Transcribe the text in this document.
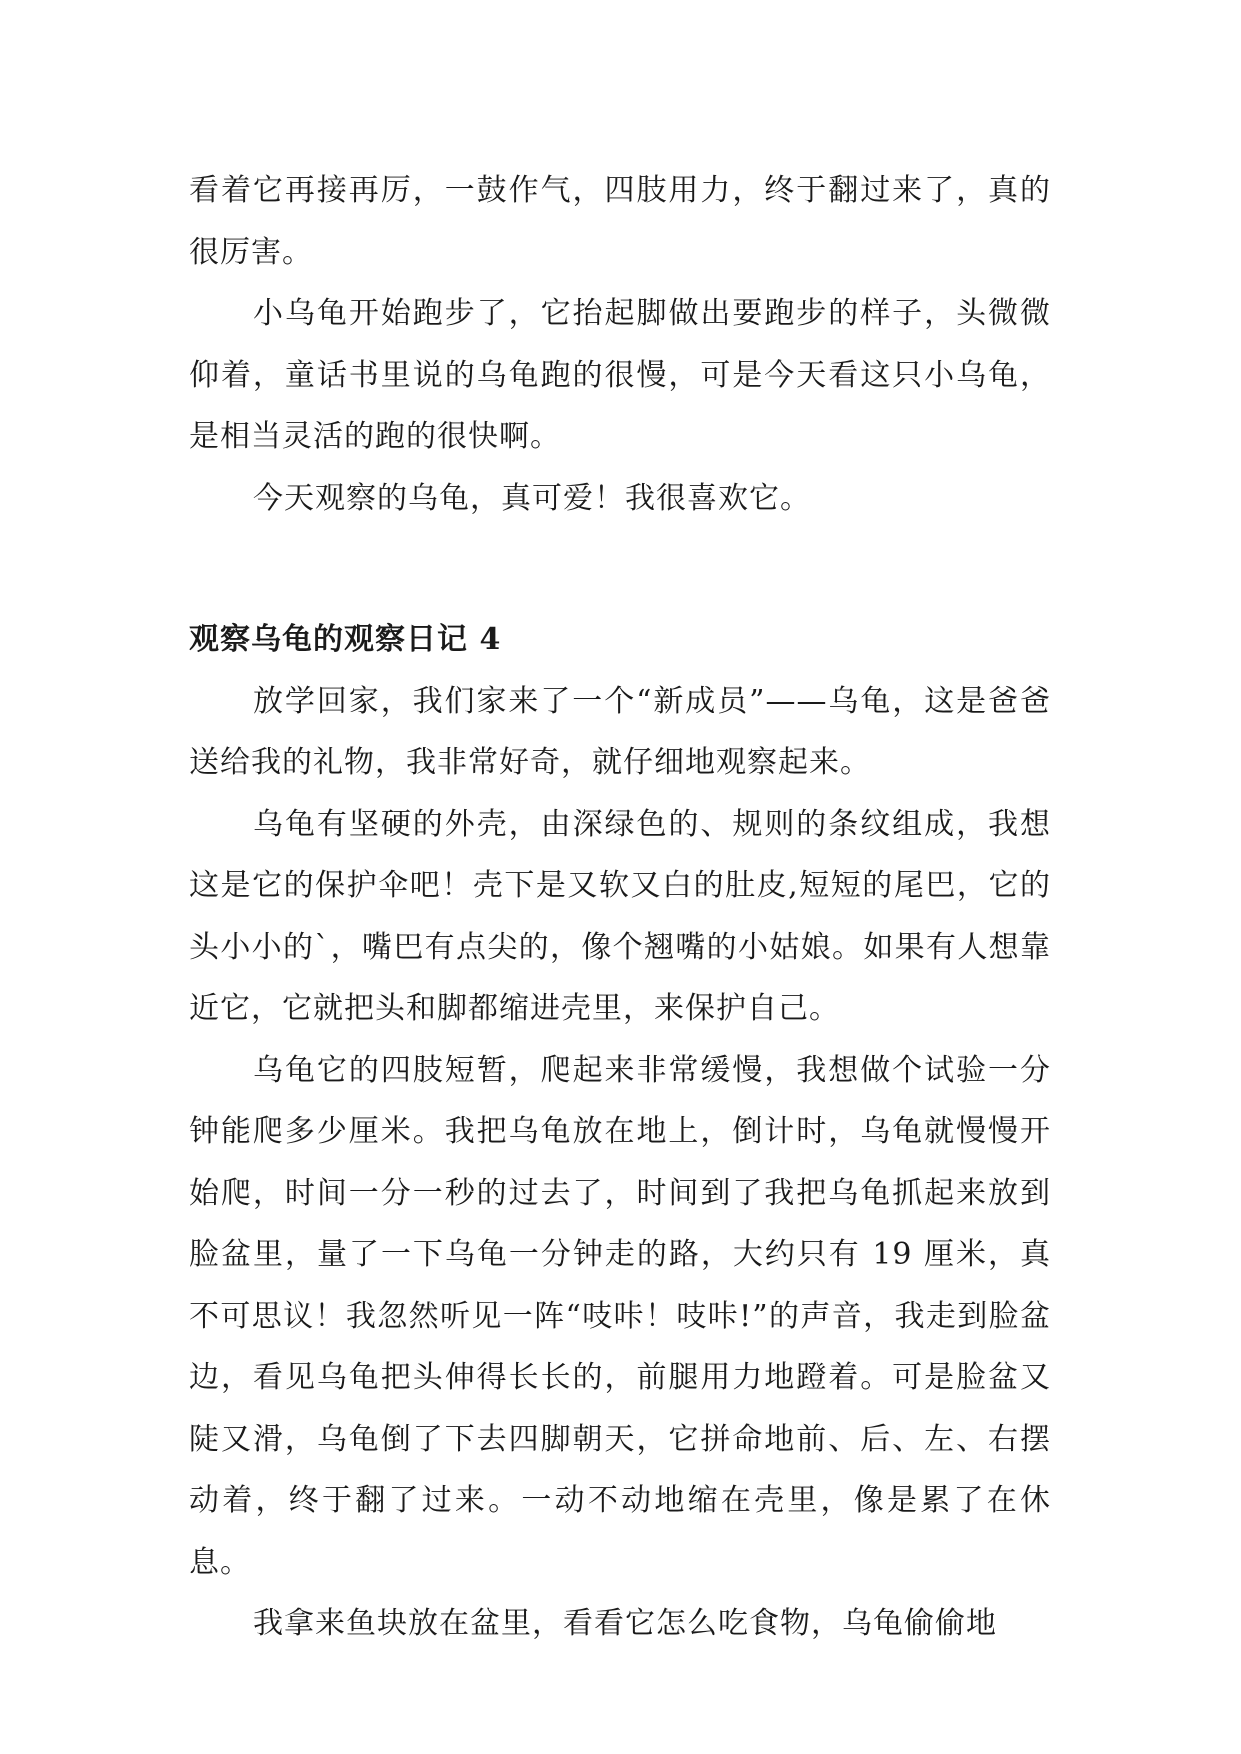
看着它再接再厉，一鼓作气，四肢用力，终于翻过来了，真的很厉害。

小乌龟开始跑步了，它抬起脚做出要跑步的样子，头微微仰着，童话书里说的乌龟跑的很慢，可是今天看这只小乌龟，是相当灵活的跑的很快啊。

今天观察的乌龟，真可爱！我很喜欢它。

观察乌龟的观察日记 4

放学回家，我们家来了一个“新成员”——乌龟，这是爸爸送给我的礼物，我非常好奇，就仔细地观察起来。

乌龟有坚硬的外壳，由深绿色的、规则的条纹组成，我想这是它的保护伞吧！壳下是又软又白的肚皮,短短的尾巴，它的头小小的`，嘴巴有点尖的，像个翘嘴的小姑娘。如果有人想靠近它，它就把头和脚都缩进壳里，来保护自己。

乌龟它的四肢短暂，爬起来非常缓慢，我想做个试验一分钟能爬多少厘米。我把乌龟放在地上，倒计时，乌龟就慢慢开始爬，时间一分一秒的过去了，时间到了我把乌龟抓起来放到脸盆里，量了一下乌龟一分钟走的路，大约只有 19 厘米，真不可思议！我忽然听见一阵“吱咔！吱咔!”的声音，我走到脸盆边，看见乌龟把头伸得长长的，前腿用力地蹬着。可是脸盆又陡又滑，乌龟倒了下去四脚朝天，它拼命地前、后、左、右摆动着，终于翻了过来。一动不动地缩在壳里，像是累了在休息。

我拿来鱼块放在盆里，看看它怎么吃食物，乌龟偷偷地
